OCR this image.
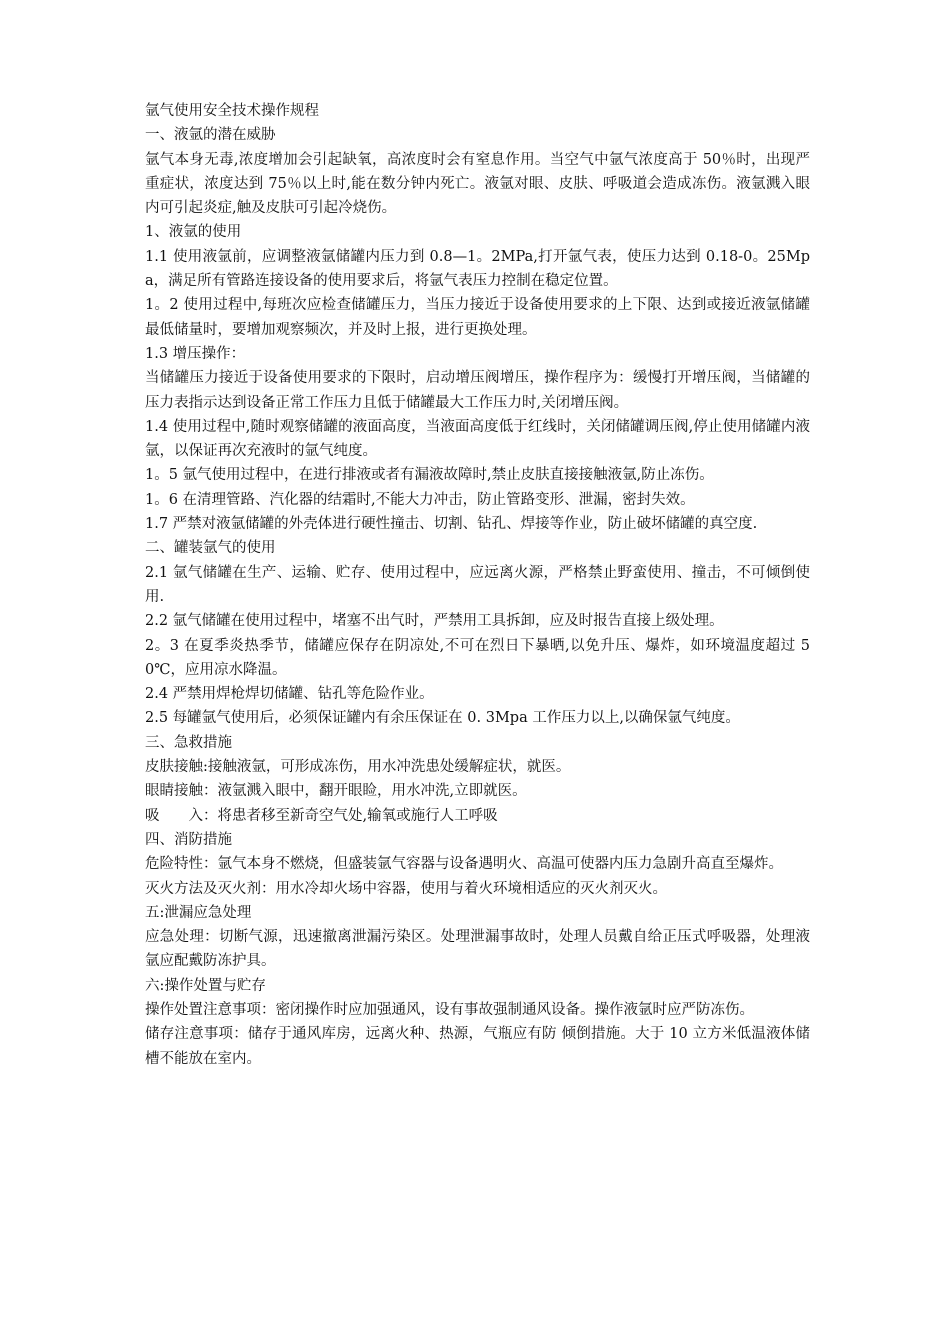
氩气使用安全技术操作规程

一、液氩的潜在威胁

氩气本身无毒,浓度增加会引起缺氧，高浓度时会有窒息作用。当空气中氩气浓度高于 50％时，出现严重症状，浓度达到 75％以上时,能在数分钟内死亡。液氩对眼、皮肤、呼吸道会造成冻伤。液氩溅入眼内可引起炎症,触及皮肤可引起冷烧伤。

1、液氩的使用

1.1 使用液氩前，应调整液氩储罐内压力到 0.8—1。2MPa,打开氩气表，使压力达到 0.18-0。25Mpa，满足所有管路连接设备的使用要求后，将氩气表压力控制在稳定位置。

1。2 使用过程中,每班次应检查储罐压力，当压力接近于设备使用要求的上下限、达到或接近液氩储罐最低储量时，要增加观察频次，并及时上报，进行更换处理。

1.3 增压操作：

当储罐压力接近于设备使用要求的下限时，启动增压阀增压，操作程序为：缓慢打开增压阀，当储罐的压力表指示达到设备正常工作压力且低于储罐最大工作压力时,关闭增压阀。

1.4 使用过程中,随时观察储罐的液面高度，当液面高度低于红线时，关闭储罐调压阀,停止使用储罐内液氩，以保证再次充液时的氩气纯度。

1。5 氩气使用过程中，在进行排液或者有漏液故障时,禁止皮肤直接接触液氩,防止冻伤。

1。6 在清理管路、汽化器的结霜时,不能大力冲击，防止管路变形、泄漏，密封失效。

1.7 严禁对液氩储罐的外壳体进行硬性撞击、切割、钻孔、焊接等作业，防止破坏储罐的真空度.

二、罐装氩气的使用

2.1 氩气储罐在生产、运输、贮存、使用过程中，应远离火源，严格禁止野蛮使用、撞击，不可倾倒使用.

2.2 氩气储罐在使用过程中，堵塞不出气时，严禁用工具拆卸，应及时报告直接上级处理。

2。3 在夏季炎热季节，储罐应保存在阴凉处,不可在烈日下暴晒,以免升压、爆炸，如环境温度超过 50℃，应用凉水降温。

2.4 严禁用焊枪焊切储罐、钻孔等危险作业。

2.5 每罐氩气使用后，必须保证罐内有余压保证在 0. 3Mpa 工作压力以上,以确保氩气纯度。

三、急救措施

皮肤接触:接触液氩，可形成冻伤，用水冲洗患处缓解症状，就医。

眼睛接触：液氩溅入眼中，翻开眼睑，用水冲洗,立即就医。

吸　　入：将患者移至新奇空气处,输氧或施行人工呼吸

四、消防措施

危险特性：氩气本身不燃烧，但盛装氩气容器与设备遇明火、高温可使器内压力急剧升高直至爆炸。

灭火方法及灭火剂：用水冷却火场中容器，使用与着火环境相适应的灭火剂灭火。

五:泄漏应急处理

应急处理：切断气源，迅速撤离泄漏污染区。处理泄漏事故时，处理人员戴自给正压式呼吸器，处理液氩应配戴防冻护具。

六:操作处置与贮存

操作处置注意事项：密闭操作时应加强通风，设有事故强制通风设备。操作液氩时应严防冻伤。

储存注意事项：储存于通风库房，远离火种、热源，气瓶应有防 倾倒措施。大于 10 立方米低温液体储槽不能放在室内。
